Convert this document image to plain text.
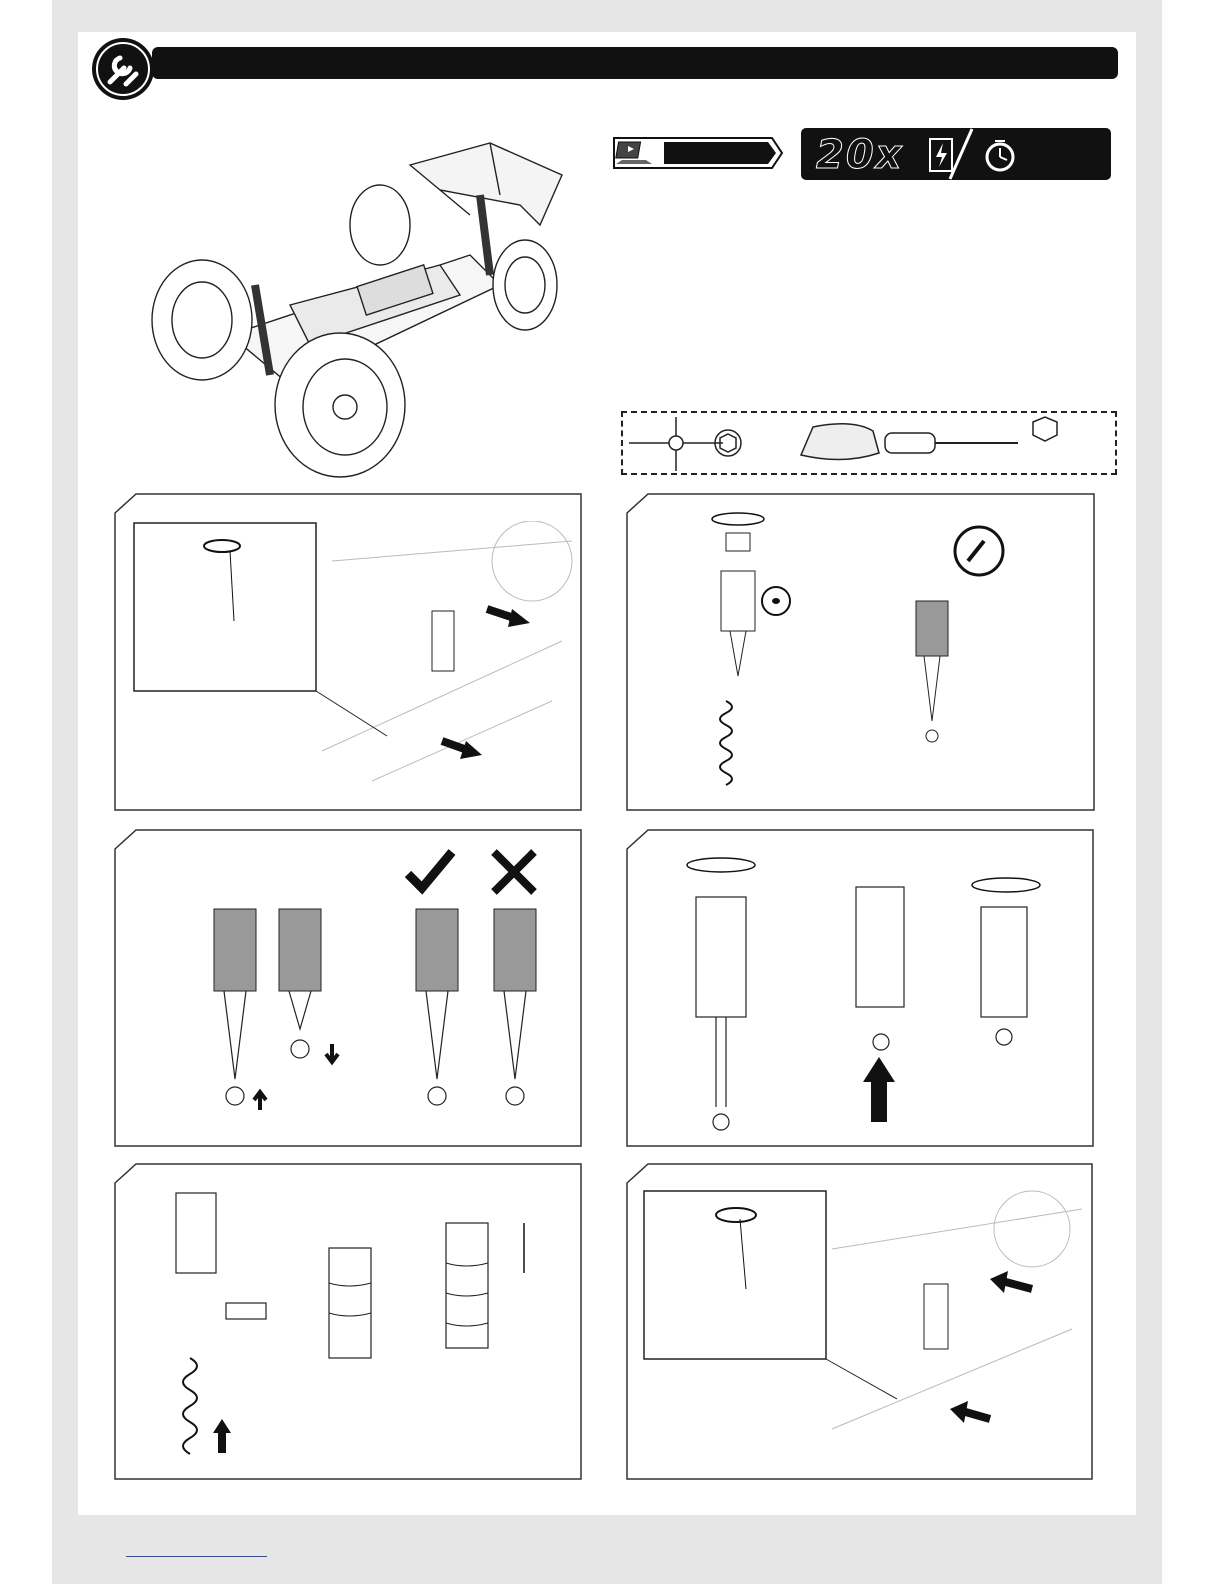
20x
